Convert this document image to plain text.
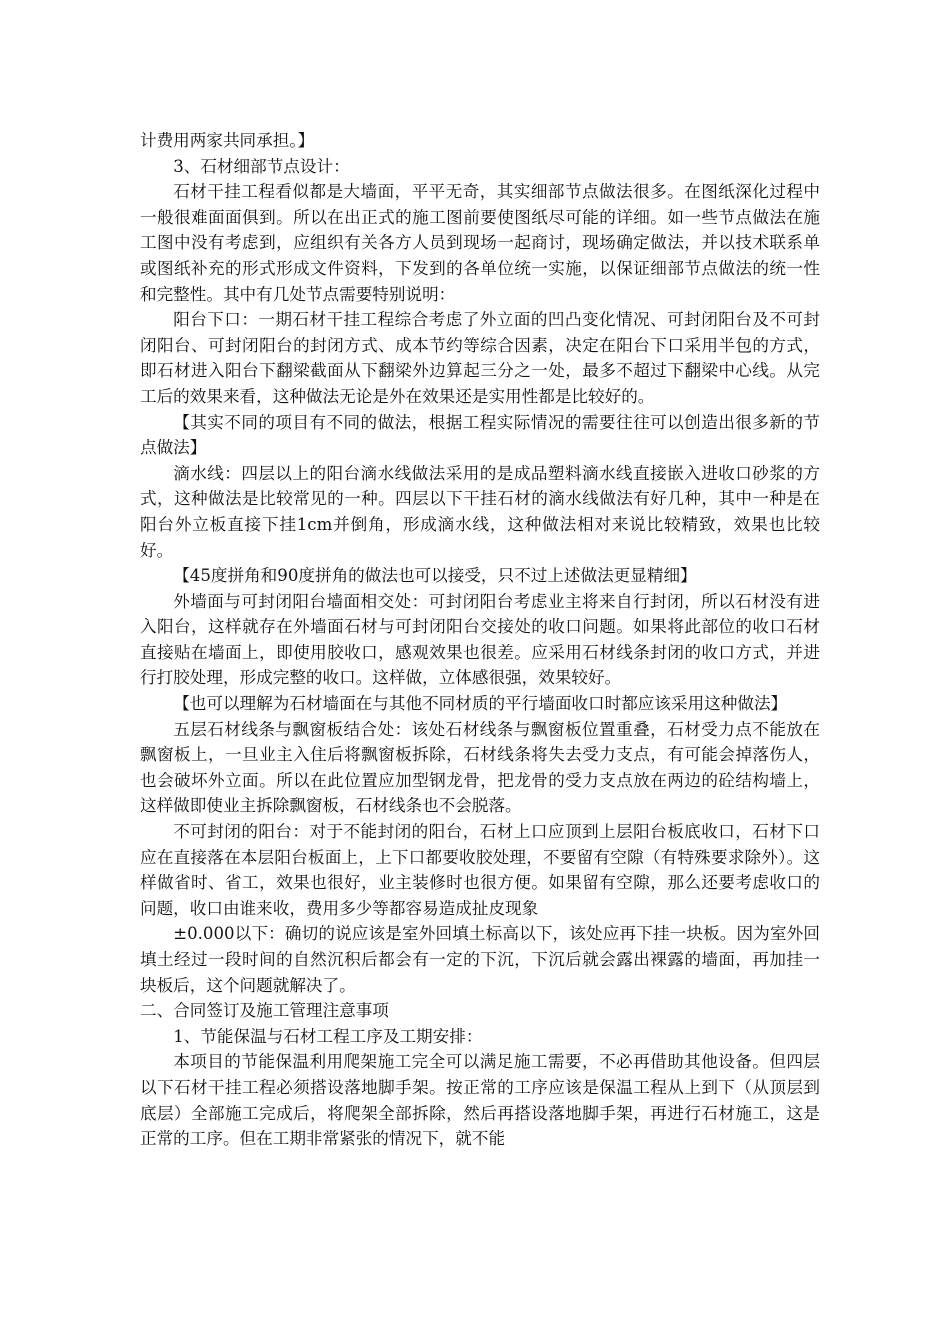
计费用两家共同承担。】

3、石材细部节点设计：

石材干挂工程看似都是大墙面，平平无奇，其实细部节点做法很多。在图纸深化过程中一般很难面面俱到。所以在出正式的施工图前要使图纸尽可能的详细。如一些节点做法在施工图中没有考虑到，应组织有关各方人员到现场一起商讨，现场确定做法，并以技术联系单或图纸补充的形式形成文件资料，下发到的各单位统一实施，以保证细部节点做法的统一性和完整性。其中有几处节点需要特别说明：

阳台下口：一期石材干挂工程综合考虑了外立面的凹凸变化情况、可封闭阳台及不可封闭阳台、可封闭阳台的封闭方式、成本节约等综合因素，决定在阳台下口采用半包的方式，即石材进入阳台下翻梁截面从下翻梁外边算起三分之一处，最多不超过下翻梁中心线。从完工后的效果来看，这种做法无论是外在效果还是实用性都是比较好的。

【其实不同的项目有不同的做法，根据工程实际情况的需要往往可以创造出很多新的节点做法】

滴水线：四层以上的阳台滴水线做法采用的是成品塑料滴水线直接嵌入进收口砂浆的方式，这种做法是比较常见的一种。四层以下干挂石材的滴水线做法有好几种，其中一种是在阳台外立板直接下挂1cm并倒角，形成滴水线，这种做法相对来说比较精致，效果也比较好。

【45度拼角和90度拼角的做法也可以接受，只不过上述做法更显精细】

外墙面与可封闭阳台墙面相交处：可封闭阳台考虑业主将来自行封闭，所以石材没有进入阳台，这样就存在外墙面石材与可封闭阳台交接处的收口问题。如果将此部位的收口石材直接贴在墙面上，即使用胶收口，感观效果也很差。应采用石材线条封闭的收口方式，并进行打胶处理，形成完整的收口。这样做，立体感很强，效果较好。

【也可以理解为石材墙面在与其他不同材质的平行墙面收口时都应该采用这种做法】

五层石材线条与飘窗板结合处：该处石材线条与飘窗板位置重叠，石材受力点不能放在飘窗板上，一旦业主入住后将飘窗板拆除，石材线条将失去受力支点，有可能会掉落伤人，也会破坏外立面。所以在此位置应加型钢龙骨，把龙骨的受力支点放在两边的砼结构墙上，这样做即使业主拆除飘窗板，石材线条也不会脱落。

不可封闭的阳台：对于不能封闭的阳台，石材上口应顶到上层阳台板底收口，石材下口应在直接落在本层阳台板面上，上下口都要收胶处理，不要留有空隙（有特殊要求除外）。这样做省时、省工，效果也很好，业主装修时也很方便。如果留有空隙，那么还要考虑收口的问题，收口由谁来收，费用多少等都容易造成扯皮现象

±0.000以下：确切的说应该是室外回填土标高以下，该处应再下挂一块板。因为室外回填土经过一段时间的自然沉积后都会有一定的下沉，下沉后就会露出裸露的墙面，再加挂一块板后，这个问题就解决了。

二、合同签订及施工管理注意事项

1、节能保温与石材工程工序及工期安排：

本项目的节能保温利用爬架施工完全可以满足施工需要，不必再借助其他设备。但四层以下石材干挂工程必须搭设落地脚手架。按正常的工序应该是保温工程从上到下（从顶层到底层）全部施工完成后，将爬架全部拆除，然后再搭设落地脚手架，再进行石材施工，这是正常的工序。但在工期非常紧张的情况下，就不能
